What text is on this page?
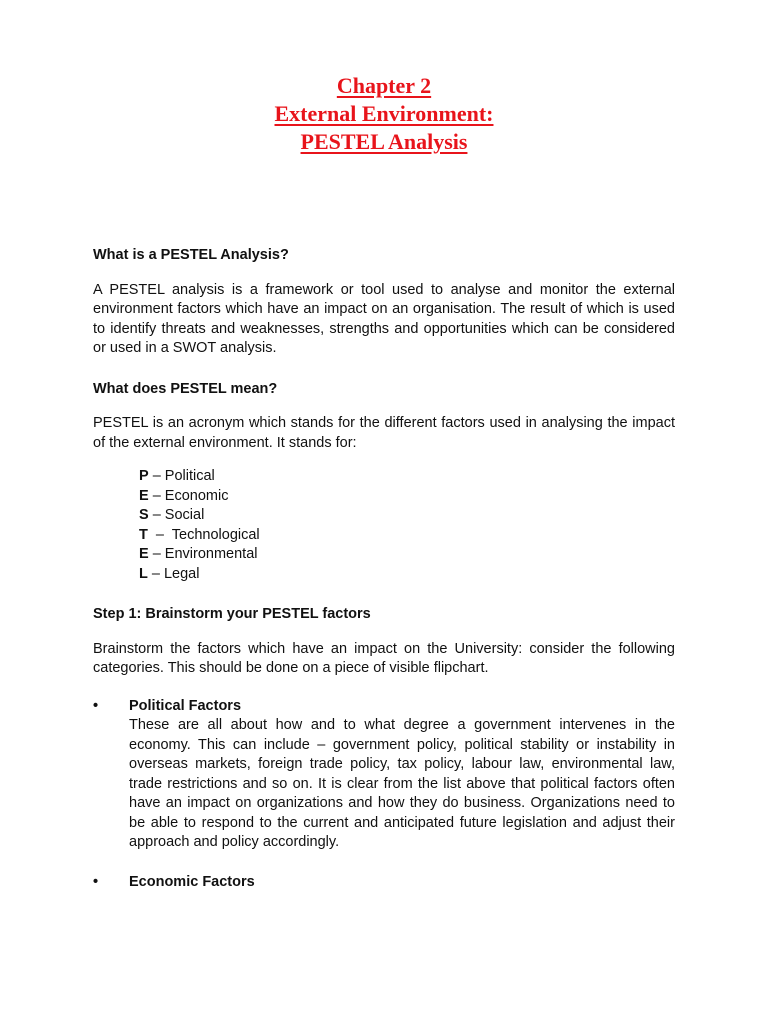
Chapter 2
External Environment:
PESTEL Analysis

What is a PESTEL Analysis?

A PESTEL analysis is a framework or tool used to analyse and monitor the external environment factors which have an impact on an organisation. The result of which is used to identify threats and weaknesses, strengths and opportunities which can be considered or used in a SWOT analysis.

What does PESTEL mean?

PESTEL is an acronym which stands for the different factors used in analysing the impact of the external environment. It stands for:

P – Political
E – Economic
S – Social
T  –  Technological
E – Environmental
L – Legal

Step 1: Brainstorm your PESTEL factors

Brainstorm the factors which have an impact on the University: consider the following categories. This should be done on a piece of visible flipchart.

• Political Factors

These are all about how and to what degree a government intervenes in the economy. This can include – government policy, political stability or instability in overseas markets, foreign trade policy, tax policy, labour law, environmental law, trade restrictions and so on. It is clear from the list above that political factors often have an impact on organizations and how they do business. Organizations need to be able to respond to the current and anticipated future legislation and adjust their approach and policy accordingly.

• Economic Factors
